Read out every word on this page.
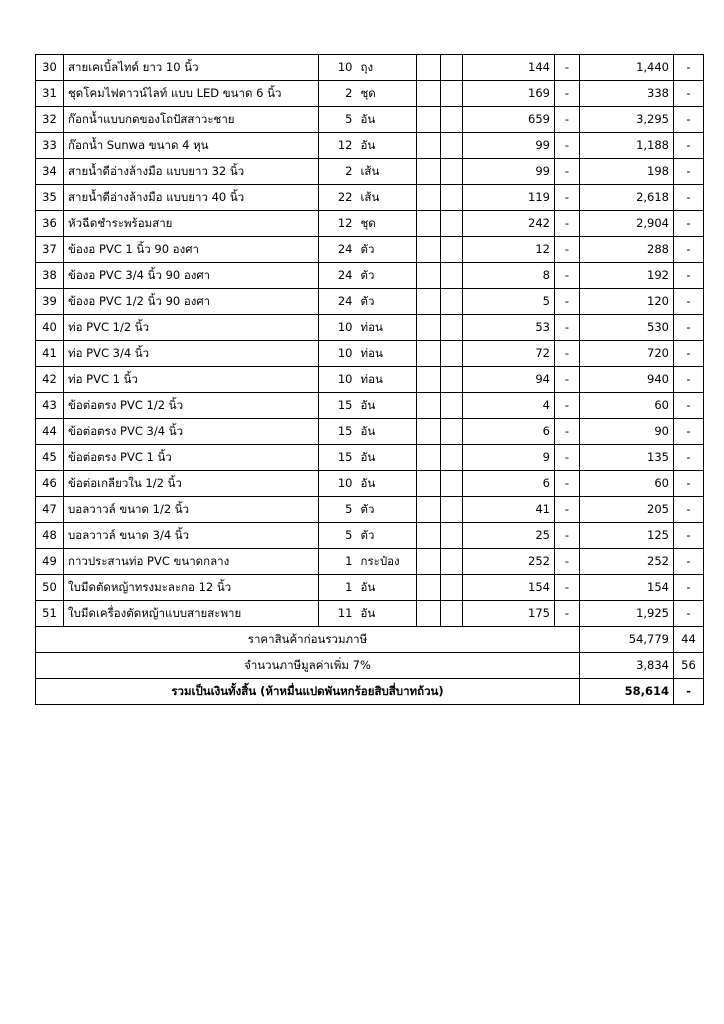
30	สายเคเบิ้ลไทด์ ยาว 10 นิ้ว	10	ถุง			144	-	1,440	-
31	ชุดโคมไฟดาวน์ไลท์ แบบ LED ขนาด 6 นิ้ว	2	ชุด			169	-	338	-
32	ก๊อกน้ำแบบกดของโถปัสสาวะชาย	5	อัน			659	-	3,295	-
33	ก๊อกน้ำ Sunwa ขนาด 4 หุน	12	อัน			99	-	1,188	-
34	สายน้ำดีอ่างล้างมือ แบบยาว 32 นิ้ว	2	เส้น			99	-	198	-
35	สายน้ำดีอ่างล้างมือ แบบยาว 40 นิ้ว	22	เส้น			119	-	2,618	-
36	หัวฉีดชำระพร้อมสาย	12	ชุด			242	-	2,904	-
37	ข้องอ PVC 1 นิ้ว 90 องศา	24	ตัว			12	-	288	-
38	ข้องอ PVC 3/4 นิ้ว 90 องศา	24	ตัว			8	-	192	-
39	ข้องอ PVC 1/2 นิ้ว 90 องศา	24	ตัว			5	-	120	-
40	ท่อ PVC 1/2 นิ้ว	10	ท่อน			53	-	530	-
41	ท่อ PVC 3/4 นิ้ว	10	ท่อน			72	-	720	-
42	ท่อ PVC 1 นิ้ว	10	ท่อน			94	-	940	-
43	ข้อต่อตรง PVC 1/2 นิ้ว	15	อัน			4	-	60	-
44	ข้อต่อตรง PVC 3/4 นิ้ว	15	อัน			6	-	90	-
45	ข้อต่อตรง PVC 1 นิ้ว	15	อัน			9	-	135	-
46	ข้อต่อเกลียวใน 1/2 นิ้ว	10	อัน			6	-	60	-
47	บอลวาวล์ ขนาด 1/2 นิ้ว	5	ตัว			41	-	205	-
48	บอลวาวล์ ขนาด 3/4 นิ้ว	5	ตัว			25	-	125	-
49	กาวประสานท่อ PVC ขนาดกลาง	1	กระป๋อง			252	-	252	-
50	ใบมีดตัดหญ้าทรงมะละกอ 12 นิ้ว	1	อัน			154	-	154	-
51	ใบมีดเครื่องตัดหญ้าแบบสายสะพาย	11	อัน			175	-	1,925	-
ราคาสินค้าก่อนรวมภาษี								54,779	44
จำนวนภาษีมูลค่าเพิ่ม 7%								3,834	56
รวมเป็นเงินทั้งสิ้น (ห้าหมื่นแปดพันหกร้อยสิบสี่บาทถ้วน)								58,614	-
